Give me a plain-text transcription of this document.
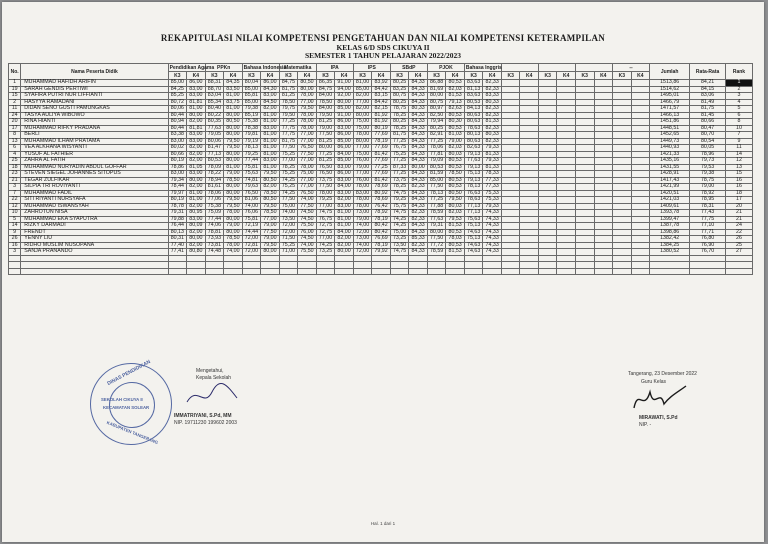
REKAPITULASI NILAI KOMPETENSI PENGETAHUAN DAN NILAI KOMPETENSI KETERAMPILAN
KELAS 6/D SDS CIKUYA II
SEMESTER 1 TAHUN PELAJARAN 2022/2023
No.	Nama Peserta Didik	Pendidikan Agama		PPKn		Bahasa Indonesia		Matematika		IPA		IPS		SBdP		PJOK		Bahasa Inggris								--		Jumlah	Rata-Rata	Rank
		K3	K4	K3	K4	K3	K4	K3	K4	K3	K4	K3	K4	K3	K4	K3	K4	K3	K4	K3	K4	K3	K4	K3	K4	K3	K4			
1	MUHAMMAD HAFIDH ARIFIN	85,00	86,00	88,31	84,35	80,04	86,00	84,75	80,50	86,35	91,00	81,00	83,92	80,25	84,33	86,88	80,53	83,63	82,33									1513,86	84,21	1
19	SARAH GENDIS PERTIWI	84,25	83,00	88,70	83,50	85,00	84,30	81,75	80,00	84,75	94,00	85,00	84,42	83,25	84,33	81,69	82,03	81,13	82,33									1514,62	84,15	2
15	SYAFIRA PUTRI NUR LIFFIANTI	85,25	83,00	83,04	81,00	85,81	83,00	81,25	78,00	84,00	92,00	82,00	83,15	80,75	84,33	80,00	81,53	83,63	83,33									1495,01	83,06	3
2	HASYYA RAMADANI	80,72	81,81	85,34	83,75	85,00	84,50	78,50	77,00	78,50	80,00	77,00	84,42	80,25	84,33	80,75	79,13	80,53	80,33									1466,79	81,49	4
11	DIDAN SENO GUSTI PAMUNGKAS	80,06	81,00	80,40	81,00	79,38	82,00	79,75	79,50	84,00	85,00	82,00	82,15	78,75	80,33	80,97	82,63	84,13	82,33									1471,57	81,75	5
24	TASYA AULIYA WIBOWO	80,44	80,00	80,22	80,00	85,19	81,00	79,50	78,00	79,50	91,00	80,00	81,92	78,25	84,33	82,50	80,53	80,63	82,33									1466,13	81,45	6
20	RINA HIANTI	80,94	82,00	80,35	80,50	75,38	81,00	77,25	78,00	81,25	86,00	75,00	81,92	80,25	84,33	79,94	80,30	80,63	81,33									1451,86	80,66	8
17	MUHAMMAD RIFKY PRADANA	80,44	81,81	77,63	80,00	78,38	83,00	77,75	78,00	79,00	83,00	75,00	80,19	78,25	84,33	80,25	80,53	78,63	82,33									1448,51	80,47	10
8	BERLI	83,38	83,00	79,05	80,00	79,81	81,00	77,75	77,00	77,50	86,00	78,00	77,69	81,75	84,33	82,91	81,03	80,13	80,33									1452,65	80,70	7
13	MUHAMMAD ILHAM PRATAMA	83,00	83,00	80,06	79,50	79,19	81,00	81,75	77,00	81,25	85,00	80,00	78,19	77,25	84,33	77,25	79,00	80,63	82,33									1449,73	80,54	9
6	VEA ALKHANA WISYANTI	80,02	82,00	81,47	79,50	78,13	81,00	77,50	76,50	80,00	86,00	77,00	77,69	76,75	84,33	78,06	82,03	82,63	79,33									1440,93	80,05	11
4	YUSUF AL FATHIER	80,66	82,00	77,13	80,00	79,25	81,00	75,25	77,50	77,25	84,00	75,00	81,42	75,25	84,33	77,81	80,03	79,13	81,33									1421,33	78,96	14
25	ZAHRA AL FATIH	80,19	82,00	80,53	80,00	77,44	83,00	77,00	77,00	81,25	85,00	76,00	77,69	77,25	84,33	79,09	80,53	77,63	79,33									1435,16	79,73	12
18	MUHAMMAD NURYADIN ABDUL GOFFAR	78,86	81,05	78,09	81,00	75,81	81,00	78,25	78,00	76,50	83,00	79,00	77,25	87,33	80,00	80,53	80,53	79,13	81,33									1431,55	79,53	13
23	STEVEN SIEGEL JOHANNES SITOPUS	83,00	83,00	78,22	79,00	75,63	79,50	75,25	75,00	76,50	86,00	77,00	77,69	77,25	84,33	81,59	78,50	75,13	78,33									1428,91	79,38	15
21	TEGAR ZULFIKAR	79,34	80,00	78,94	78,50	74,81	80,50	74,25	77,00	73,75	83,00	76,00	81,42	73,75	84,33	85,00	80,53	79,13	77,33									1417,43	78,75	16
3	SILPIA TRI ROVIYANTI	78,44	82,00	81,61	80,00	79,63	82,00	75,25	77,00	77,50	84,00	78,00	78,69	78,25	82,33	77,50	80,53	78,13	77,33									1421,99	79,00	16
7	MUHAMMAD FADIL	79,97	81,00	78,06	80,00	76,50	78,50	74,25	76,50	78,00	83,00	83,00	80,92	74,75	84,33	78,13	80,50	76,63	75,33									1420,51	78,92	18
22	SITI RIYANTI NURSYAFA	80,19	81,00	77,06	79,50	81,06	80,50	77,50	74,00	79,25	82,00	78,00	78,69	79,25	84,33	77,25	79,50	78,63	75,33									1421,03	78,95	17
12	MUHAMMAD ISWANSYAH	78,78	82,00	75,38	79,50	74,00	79,50	75,00	77,50	77,00	83,00	78,00	76,42	75,75	84,33	77,88	80,03	77,13	79,33									1409,61	78,31	20
10	ZAHROTUN NISA	79,31	80,95	75,09	78,00	76,06	78,50	74,00	74,50	74,75	81,00	73,00	78,92	74,75	82,33	78,59	82,03	77,13	74,33									1393,78	77,43	21
5	MUHAMMAD EKA SYAPUTRA	79,88	83,00	77,44	80,00	75,81	77,00	73,50	74,50	76,75	81,00	79,00	78,19	74,25	82,33	77,63	79,53	75,63	74,33									1399,47	77,75	21
14	RIZKY DARMADI	76,44	80,09	74,06	79,00	72,19	79,00	72,00	75,50	72,75	81,00	74,00	80,42	74,25	84,33	79,31	81,53	75,13	74,33									1387,78	77,10	24
9	FRENDT	80,13	82,00	78,81	80,00	74,44	77,50	72,00	76,00	72,75	84,00	72,00	80,42	75,00	84,33	80,00	80,53	74,63	74,33									1398,86	77,71	22
26	YENNY LIU	80,31	80,00	73,93	78,50	72,00	79,00	71,50	74,50	77,00	82,00	73,00	76,69	73,25	85,33	77,50	78,03	75,13	74,33									1382,42	76,80	26
16	RIDHO MUSLIM NUSOPANA	77,40	82,00	73,81	78,00	72,81	79,50	75,25	74,00	74,25	82,00	74,00	78,19	73,50	82,33	77,72	80,53	74,63	74,33									1384,25	76,90	25
3	SANJA PRANANDO	77,41	80,80	74,48	74,00	72,00	80,00	71,00	75,50	73,25	80,00	72,00	79,92	74,75	84,33	78,59	81,53	74,63	74,33									1380,52	76,70	27

DINAS PENDIDIKAN
SEKOLAH CIKUYA II
KECAMATAN SOLEAR
KABUPATEN TANGERANG
Mengetahui,
Kepala Sekolah
IMMATRIYANI, S.Pd, MM
NIP. 19711230 199602 2003
Tangerang, 23 Desember 2022
Guru Kelas
MIRAWATI, S.Pd
NIP. -
Hal. 1 dari 1
